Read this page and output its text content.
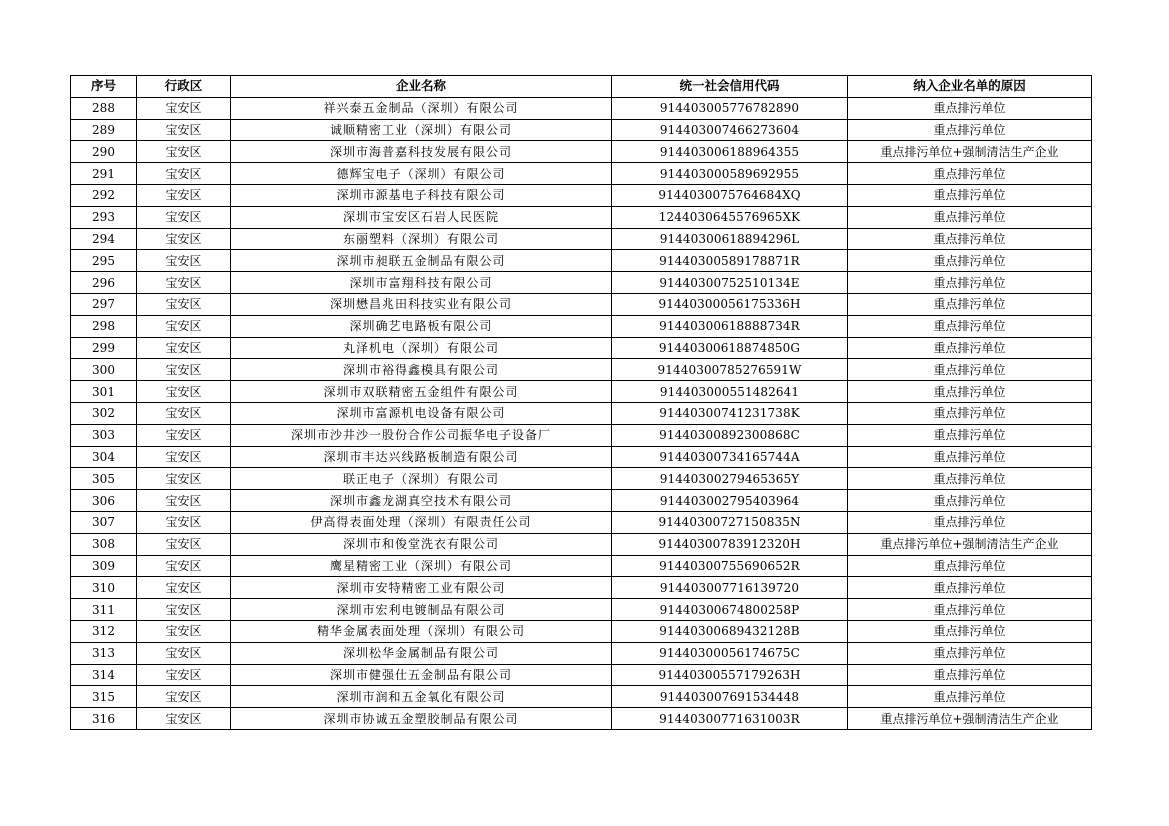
序号	行政区	企业名称	统一社会信用代码	纳入企业名单的原因
288	宝安区	祥兴泰五金制品（深圳）有限公司	914403005776782890	重点排污单位
289	宝安区	诚顺精密工业（深圳）有限公司	914403007466273604	重点排污单位
290	宝安区	深圳市海普嘉科技发展有限公司	914403006188964355	重点排污单位+强制清洁生产企业
291	宝安区	德辉宝电子（深圳）有限公司	914403000589692955	重点排污单位
292	宝安区	深圳市源基电子科技有限公司	9144030075764684XQ	重点排污单位
293	宝安区	深圳市宝安区石岩人民医院	1244030645576965XK	重点排污单位
294	宝安区	东丽塑料（深圳）有限公司	91440300618894296L	重点排污单位
295	宝安区	深圳市昶联五金制品有限公司	91440300589178871R	重点排污单位
296	宝安区	深圳市富翔科技有限公司	91440300752510134E	重点排污单位
297	宝安区	深圳懋昌兆田科技实业有限公司	91440300056175336H	重点排污单位
298	宝安区	深圳确艺电路板有限公司	91440300618888734R	重点排污单位
299	宝安区	丸泽机电（深圳）有限公司	91440300618874850G	重点排污单位
300	宝安区	深圳市裕得鑫模具有限公司	91440300785276591W	重点排污单位
301	宝安区	深圳市双联精密五金组件有限公司	914403000551482641	重点排污单位
302	宝安区	深圳市富源机电设备有限公司	91440300741231738K	重点排污单位
303	宝安区	深圳市沙井沙一股份合作公司振华电子设备厂	91440300892300868C	重点排污单位
304	宝安区	深圳市丰达兴线路板制造有限公司	91440300734165744A	重点排污单位
305	宝安区	联正电子（深圳）有限公司	91440300279465365Y	重点排污单位
306	宝安区	深圳市鑫龙湖真空技术有限公司	914403002795403964	重点排污单位
307	宝安区	伊高得表面处理（深圳）有限责任公司	91440300727150835N	重点排污单位
308	宝安区	深圳市和俊堂洗衣有限公司	91440300783912320H	重点排污单位+强制清洁生产企业
309	宝安区	鹰星精密工业（深圳）有限公司	91440300755690652R	重点排污单位
310	宝安区	深圳市安特精密工业有限公司	914403007716139720	重点排污单位
311	宝安区	深圳市宏利电镀制品有限公司	91440300674800258P	重点排污单位
312	宝安区	精华金属表面处理（深圳）有限公司	91440300689432128B	重点排污单位
313	宝安区	深圳松华金属制品有限公司	91440300056174675C	重点排污单位
314	宝安区	深圳市健强仕五金制品有限公司	91440300557179263H	重点排污单位
315	宝安区	深圳市润和五金氧化有限公司	914403007691534448	重点排污单位
316	宝安区	深圳市协诚五金塑胶制品有限公司	91440300771631003R	重点排污单位+强制清洁生产企业
